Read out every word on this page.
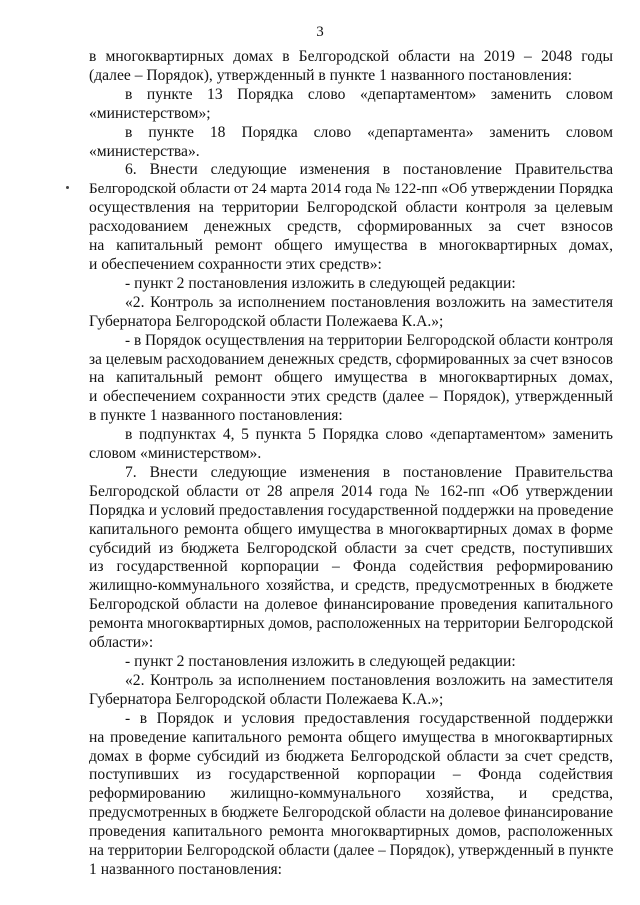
3
в многоквартирных домах в Белгородской области на 2019 – 2048 годы
(далее – Порядок), утвержденный в пункте 1 названного постановления:
в пункте 13 Порядка слово «департаментом» заменить словом
«министерством»;
в пункте 18 Порядка слово «департамента» заменить словом
«министерства».
6. Внести следующие изменения в постановление Правительства
Белгородской области от 24 марта 2014 года № 122-пп «Об утверждении Порядка
осуществления на территории Белгородской области контроля за целевым
расходованием денежных средств, сформированных за счет взносов
на капитальный ремонт общего имущества в многоквартирных домах,
и обеспечением сохранности этих средств»:
- пункт 2 постановления изложить в следующей редакции:
«2. Контроль за исполнением постановления возложить на заместителя
Губернатора Белгородской области Полежаева К.А.»;
- в Порядок осуществления на территории Белгородской области контроля
за целевым расходованием денежных средств, сформированных за счет взносов
на капитальный ремонт общего имущества в многоквартирных домах,
и обеспечением сохранности этих средств (далее – Порядок), утвержденный
в пункте 1 названного постановления:
в подпунктах 4, 5 пункта 5 Порядка слово «департаментом» заменить
словом «министерством».
7. Внести следующие изменения в постановление Правительства
Белгородской области от 28 апреля 2014 года № 162-пп «Об утверждении
Порядка и условий предоставления государственной поддержки на проведение
капитального ремонта общего имущества в многоквартирных домах в форме
субсидий из бюджета Белгородской области за счет средств, поступивших
из государственной корпорации – Фонда содействия реформированию
жилищно-коммунального хозяйства, и средств, предусмотренных в бюджете
Белгородской области на долевое финансирование проведения капитального
ремонта многоквартирных домов, расположенных на территории Белгородской
области»:
- пункт 2 постановления изложить в следующей редакции:
«2. Контроль за исполнением постановления возложить на заместителя
Губернатора Белгородской области Полежаева К.А.»;
- в Порядок и условия предоставления государственной поддержки
на проведение капитального ремонта общего имущества в многоквартирных
домах в форме субсидий из бюджета Белгородской области за счет средств,
поступивших из государственной корпорации – Фонда содействия
реформированию жилищно-коммунального хозяйства, и средства,
предусмотренных в бюджете Белгородской области на долевое финансирование
проведения капитального ремонта многоквартирных домов, расположенных
на территории Белгородской области (далее – Порядок), утвержденный в пункте
1 названного постановления:
